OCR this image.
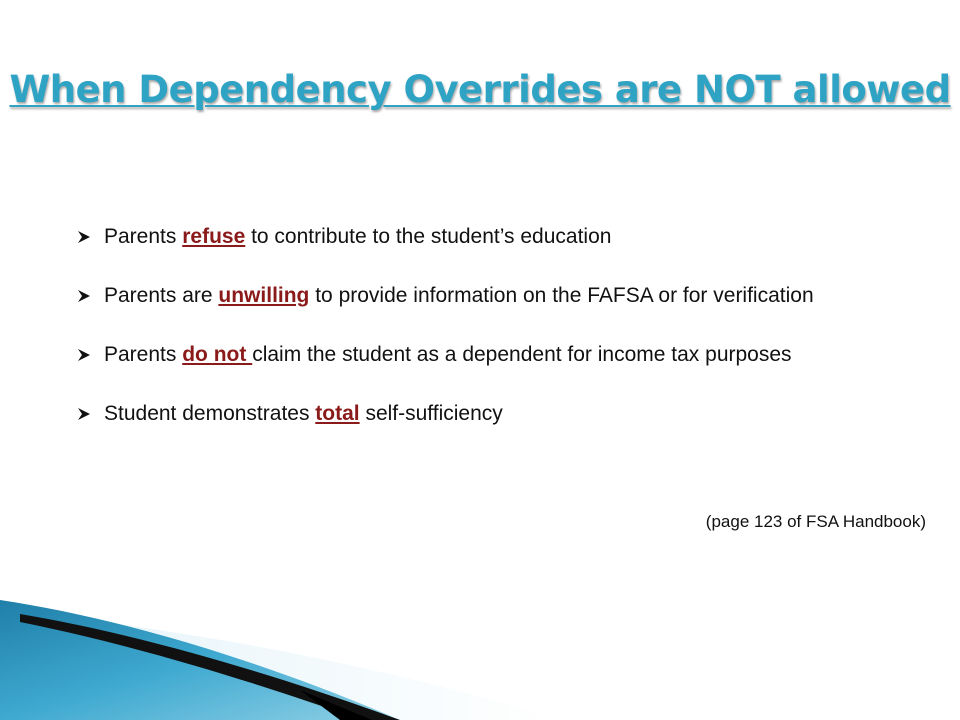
When Dependency Overrides are NOT allowed
Parents refuse to contribute to the student’s education
Parents are unwilling to provide information on the FAFSA or for verification
Parents do not claim the student as a dependent for income tax purposes
Student demonstrates total self-sufficiency

(page 123 of FSA Handbook)
